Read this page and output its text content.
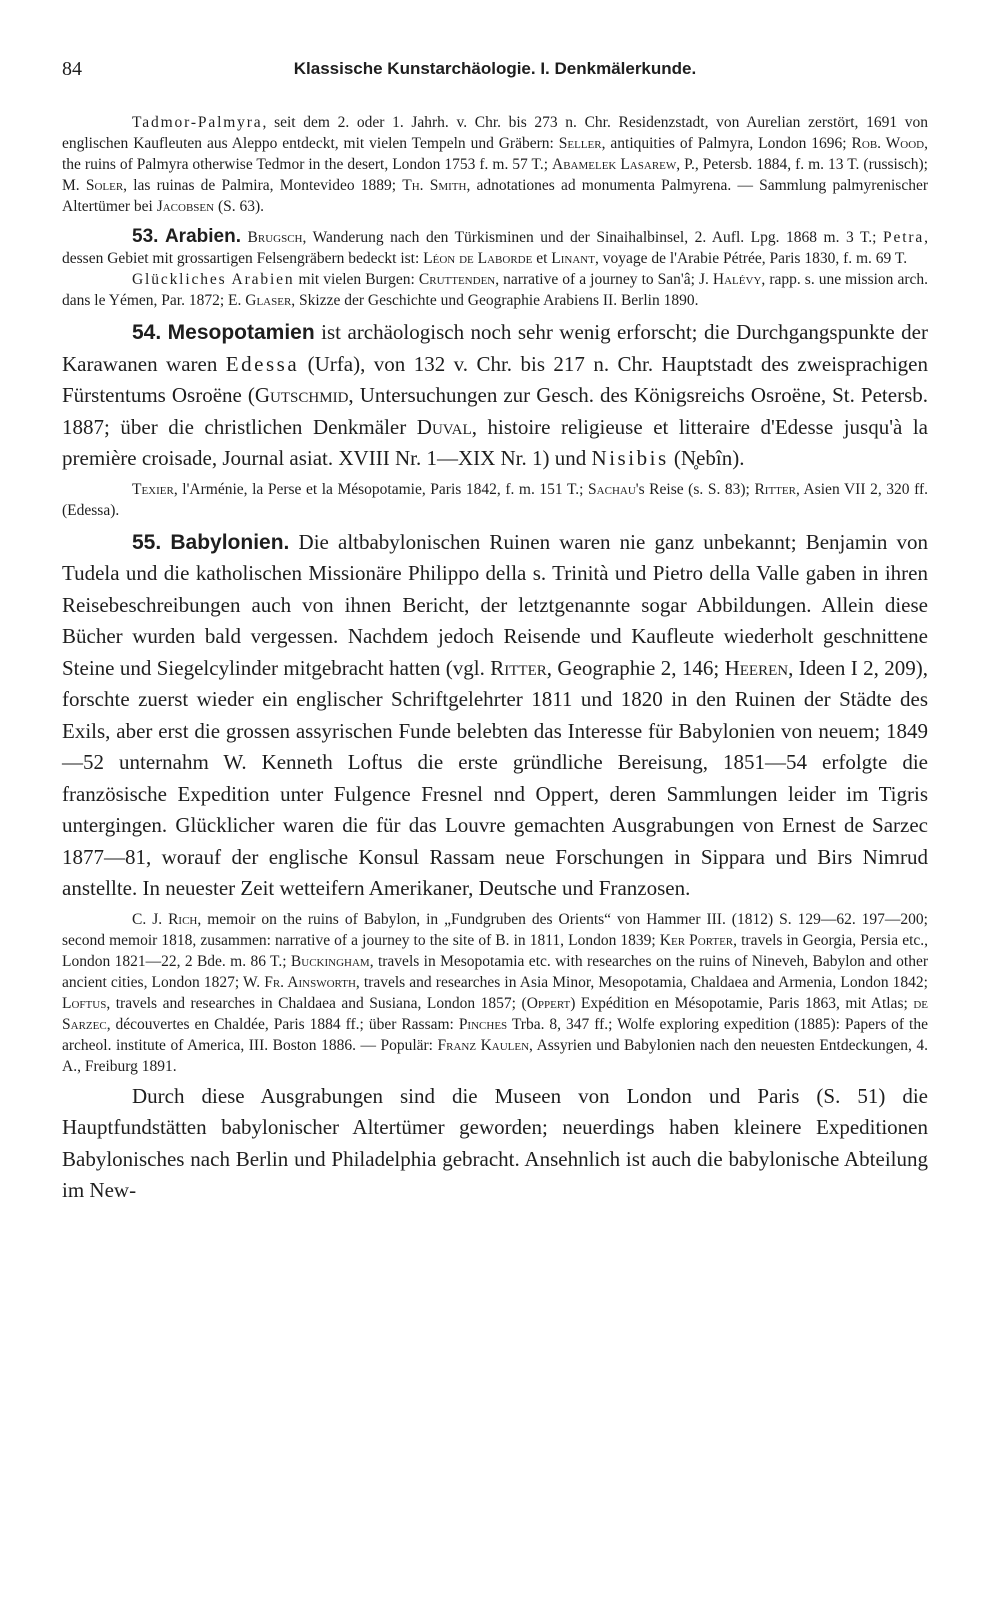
84	Klassische Kunstarchäologie. I. Denkmälerkunde.

Tadmor-Palmyra, seit dem 2. oder 1. Jahrh. v. Chr. bis 273 n. Chr. Residenzstadt, von Aurelian zerstört, 1691 von englischen Kaufleuten aus Aleppo entdeckt, mit vielen Tempeln und Gräbern: Seller, antiquities of Palmyra, London 1696; Rob. Wood, the ruins of Palmyra otherwise Tedmor in the desert, London 1753 f. m. 57 T.; Abamelek Lasarew, P., Petersb. 1884, f. m. 13 T. (russisch); M. Soler, las ruinas de Palmira, Montevideo 1889; Th. Smith, adnotationes ad monumenta Palmyrena. — Sammlung palmyrenischer Altertümer bei Jacobsen (S. 63).

53. Arabien. Brugsch, Wanderung nach den Türkisminen und der Sinaihalbinsel, 2. Aufl. Lpg. 1868 m. 3 T.; Petra, dessen Gebiet mit grossartigen Felsengräbern bedeckt ist: Léon de Laborde et Linant, voyage de l'Arabie Pétrée, Paris 1830, f. m. 69 T.

Glückliches Arabien mit vielen Burgen: Cruttenden, narrative of a journey to San'â; J. Halévy, rapp. s. une mission arch. dans le Yémen, Par. 1872; E. Glaser, Skizze der Geschichte und Geographie Arabiens II. Berlin 1890.

54. Mesopotamien ist archäologisch noch sehr wenig erforscht; die Durchgangspunkte der Karawanen waren Edessa (Urfa), von 132 v. Chr. bis 217 n. Chr. Hauptstadt des zweisprachigen Fürstentums Osroëne (Gutschmid, Untersuchungen zur Gesch. des Königsreichs Osroëne, St. Petersb. 1887; über die christlichen Denkmäler Duval, histoire religieuse et litteraire d'Edesse jusqu'à la première croisade, Journal asiat. XVIII Nr. 1—XIX Nr. 1) und Nisibis (N̥ebîn).

Texier, l'Arménie, la Perse et la Mésopotamie, Paris 1842, f. m. 151 T.; Sachau's Reise (s. S. 83); Ritter, Asien VII 2, 320 ff. (Edessa).

55. Babylonien. Die altbabylonischen Ruinen waren nie ganz unbekannt; Benjamin von Tudela und die katholischen Missionäre Philippo della s. Trinità und Pietro della Valle gaben in ihren Reisebeschreibungen auch von ihnen Bericht, der letztgenannte sogar Abbildungen. Allein diese Bücher wurden bald vergessen. Nachdem jedoch Reisende und Kaufleute wiederholt geschnittene Steine und Siegelcylinder mitgebracht hatten (vgl. Ritter, Geographie 2, 146; Heeren, Ideen I 2, 209), forschte zuerst wieder ein englischer Schriftgelehrter 1811 und 1820 in den Ruinen der Städte des Exils, aber erst die grossen assyrischen Funde belebten das Interesse für Babylonien von neuem; 1849—52 unternahm W. Kenneth Loftus die erste gründliche Bereisung, 1851—54 erfolgte die französische Expedition unter Fulgence Fresnel nnd Oppert, deren Sammlungen leider im Tigris untergingen. Glücklicher waren die für das Louvre gemachten Ausgrabungen von Ernest de Sarzec 1877—81, worauf der englische Konsul Rassam neue Forschungen in Sippara und Birs Nimrud anstellte. In neuester Zeit wetteifern Amerikaner, Deutsche und Franzosen.

C. J. Rich, memoir on the ruins of Babylon, in „Fundgruben des Orients“ von Hammer III. (1812) S. 129—62. 197—200; second memoir 1818, zusammen: narrative of a journey to the site of B. in 1811, London 1839; Ker Porter, travels in Georgia, Persia etc., London 1821—22, 2 Bde. m. 86 T.; Buckingham, travels in Mesopotamia etc. with researches on the ruins of Nineveh, Babylon and other ancient cities, London 1827; W. Fr. Ainsworth, travels and researches in Asia Minor, Mesopotamia, Chaldaea and Armenia, London 1842; Loftus, travels and researches in Chaldaea and Susiana, London 1857; (Oppert) Expédition en Mésopotamie, Paris 1863, mit Atlas; de Sarzec, découvertes en Chaldée, Paris 1884 ff.; über Rassam: Pinches Trba. 8, 347 ff.; Wolfe exploring expedition (1885): Papers of the archeol. institute of America, III. Boston 1886. — Populär: Franz Kaulen, Assyrien und Babylonien nach den neuesten Entdeckungen, 4. A., Freiburg 1891.

Durch diese Ausgrabungen sind die Museen von London und Paris (S. 51) die Hauptfundstätten babylonischer Altertümer geworden; neuerdings haben kleinere Expeditionen Babylonisches nach Berlin und Philadelphia gebracht. Ansehnlich ist auch die babylonische Abteilung im New-
